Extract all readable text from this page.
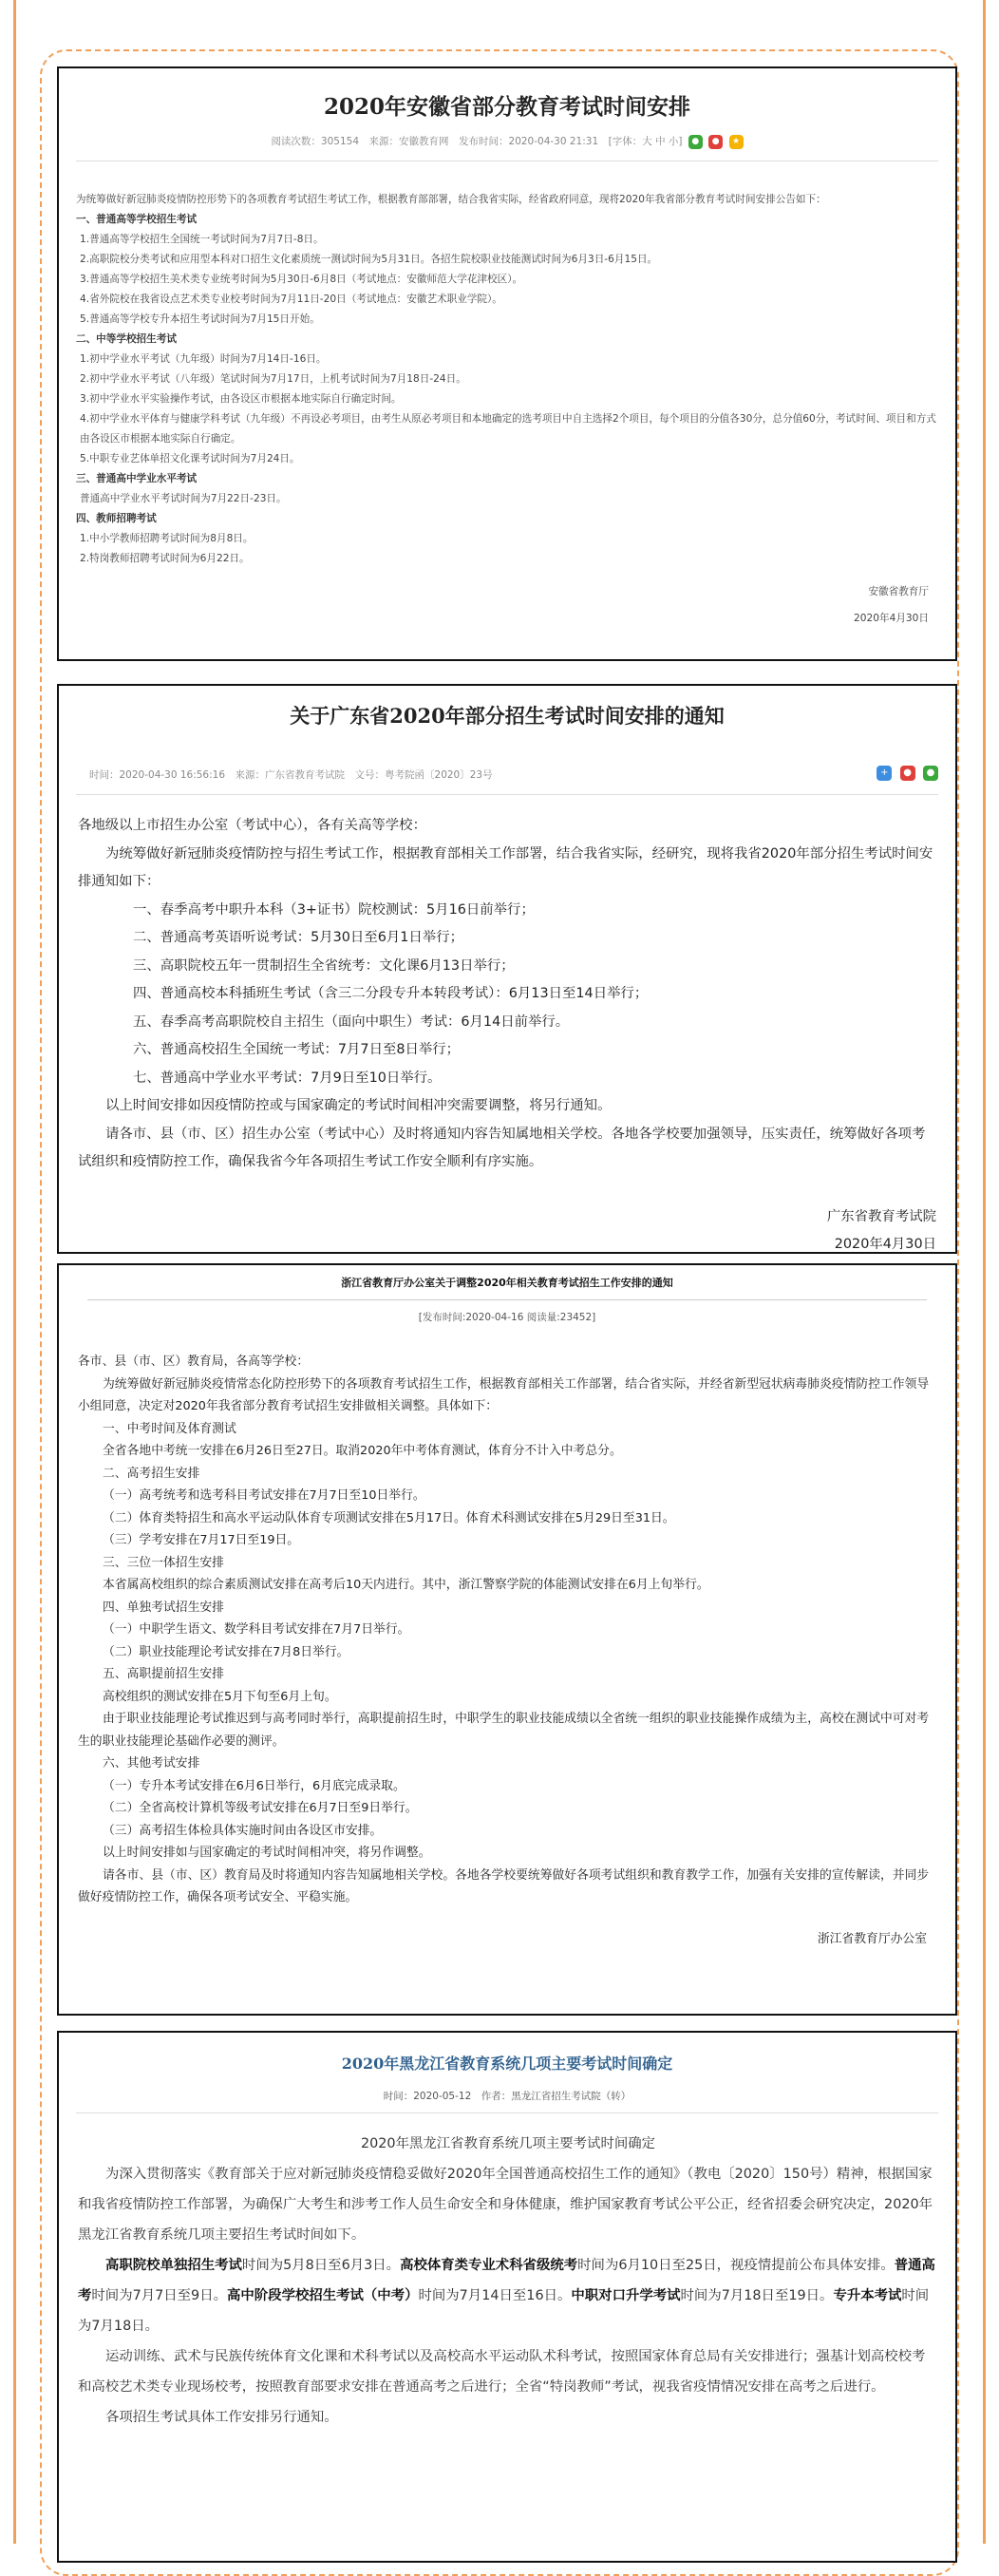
2020年安徽省部分教育考试时间安排
阅读次数：305154　来源：安徽教育网　发布时间：2020-04-30 21:31　[字体：大 中 小] ● ● ★

为统筹做好新冠肺炎疫情防控形势下的各项教育考试招生考试工作，根据教育部部署，结合我省实际，经省政府同意，现将2020年我省部分教育考试时间安排公告如下：

一、普通高等学校招生考试

1.普通高等学校招生全国统一考试时间为7月7日-8日。

2.高职院校分类考试和应用型本科对口招生文化素质统一测试时间为5月31日。各招生院校职业技能测试时间为6月3日-6月15日。

3.普通高等学校招生美术类专业统考时间为5月30日-6月8日（考试地点：安徽师范大学花津校区）。

4.省外院校在我省设点艺术类专业校考时间为7月11日-20日（考试地点：安徽艺术职业学院）。

5.普通高等学校专升本招生考试时间为7月15日开始。

二、中等学校招生考试

1.初中学业水平考试（九年级）时间为7月14日-16日。

2.初中学业水平考试（八年级）笔试时间为7月17日，上机考试时间为7月18日-24日。

3.初中学业水平实验操作考试，由各设区市根据本地实际自行确定时间。

4.初中学业水平体育与健康学科考试（九年级）不再设必考项目，由考生从原必考项目和本地确定的选考项目中自主选择2个项目，每个项目的分值各30分，总分值60分，考试时间、项目和方式由各设区市根据本地实际自行确定。

5.中职专业艺体单招文化课考试时间为7月24日。

三、普通高中学业水平考试

普通高中学业水平考试时间为7月22日-23日。

四、教师招聘考试

1.中小学教师招聘考试时间为8月8日。

2.特岗教师招聘考试时间为6月22日。

安徽省教育厅
2020年4月30日
关于广东省2020年部分招生考试时间安排的通知
时间：2020-04-30 16:56:16　来源：广东省教育考试院　文号：粤考院函〔2020〕23号	+ ● ●

各地级以上市招生办公室（考试中心），各有关高等学校：

为统筹做好新冠肺炎疫情防控与招生考试工作，根据教育部相关工作部署，结合我省实际，经研究，现将我省2020年部分招生考试时间安排通知如下：

一、春季高考中职升本科（3+证书）院校测试：5月16日前举行；

二、普通高考英语听说考试：5月30日至6月1日举行；

三、高职院校五年一贯制招生全省统考：文化课6月13日举行；

四、普通高校本科插班生考试（含三二分段专升本转段考试）：6月13日至14日举行；

五、春季高考高职院校自主招生（面向中职生）考试：6月14日前举行。

六、普通高校招生全国统一考试：7月7日至8日举行；

七、普通高中学业水平考试：7月9日至10日举行。

以上时间安排如因疫情防控或与国家确定的考试时间相冲突需要调整，将另行通知。

请各市、县（市、区）招生办公室（考试中心）及时将通知内容告知属地相关学校。各地各学校要加强领导，压实责任，统筹做好各项考试组织和疫情防控工作，确保我省今年各项招生考试工作安全顺利有序实施。

广东省教育考试院
2020年4月30日
浙江省教育厅办公室关于调整2020年相关教育考试招生工作安排的通知
[发布时间:2020-04-16 阅读量:23452]

各市、县（市、区）教育局，各高等学校：

为统筹做好新冠肺炎疫情常态化防控形势下的各项教育考试招生工作，根据教育部相关工作部署，结合省实际，并经省新型冠状病毒肺炎疫情防控工作领导小组同意，决定对2020年我省部分教育考试招生安排做相关调整。具体如下：

一、中考时间及体育测试

全省各地中考统一安排在6月26日至27日。取消2020年中考体育测试，体育分不计入中考总分。

二、高考招生安排

（一）高考统考和选考科目考试安排在7月7日至10日举行。

（二）体育类特招生和高水平运动队体育专项测试安排在5月17日。体育术科测试安排在5月29日至31日。

（三）学考安排在7月17日至19日。

三、三位一体招生安排

本省属高校组织的综合素质测试安排在高考后10天内进行。其中，浙江警察学院的体能测试安排在6月上旬举行。

四、单独考试招生安排

（一）中职学生语文、数学科目考试安排在7月7日举行。

（二）职业技能理论考试安排在7月8日举行。

五、高职提前招生安排

高校组织的测试安排在5月下旬至6月上旬。

由于职业技能理论考试推迟到与高考同时举行，高职提前招生时，中职学生的职业技能成绩以全省统一组织的职业技能操作成绩为主，高校在测试中可对考生的职业技能理论基础作必要的测评。

六、其他考试安排

（一）专升本考试安排在6月6日举行，6月底完成录取。

（二）全省高校计算机等级考试安排在6月7日至9日举行。

（三）高考招生体检具体实施时间由各设区市安排。

以上时间安排如与国家确定的考试时间相冲突，将另作调整。

请各市、县（市、区）教育局及时将通知内容告知属地相关学校。各地各学校要统筹做好各项考试组织和教育教学工作，加强有关安排的宣传解读，并同步做好疫情防控工作，确保各项考试安全、平稳实施。

浙江省教育厅办公室
2020年黑龙江省教育系统几项主要考试时间确定
时间：2020-05-12　作者：黑龙江省招生考试院（转）

2020年黑龙江省教育系统几项主要考试时间确定

为深入贯彻落实《教育部关于应对新冠肺炎疫情稳妥做好2020年全国普通高校招生工作的通知》（教电〔2020〕150号）精神，根据国家和我省疫情防控工作部署，为确保广大考生和涉考工作人员生命安全和身体健康，维护国家教育考试公平公正，经省招委会研究决定，2020年黑龙江省教育系统几项主要招生考试时间如下。

高职院校单独招生考试时间为5月8日至6月3日。高校体育类专业术科省级统考时间为6月10日至25日，视疫情提前公布具体安排。普通高考时间为7月7日至9日。高中阶段学校招生考试（中考）时间为7月14日至16日。中职对口升学考试时间为7月18日至19日。专升本考试时间为7月18日。

运动训练、武术与民族传统体育文化课和术科考试以及高校高水平运动队术科考试，按照国家体育总局有关安排进行；强基计划高校校考和高校艺术类专业现场校考，按照教育部要求安排在普通高考之后进行；全省“特岗教师”考试，视我省疫情情况安排在高考之后进行。

各项招生考试具体工作安排另行通知。
